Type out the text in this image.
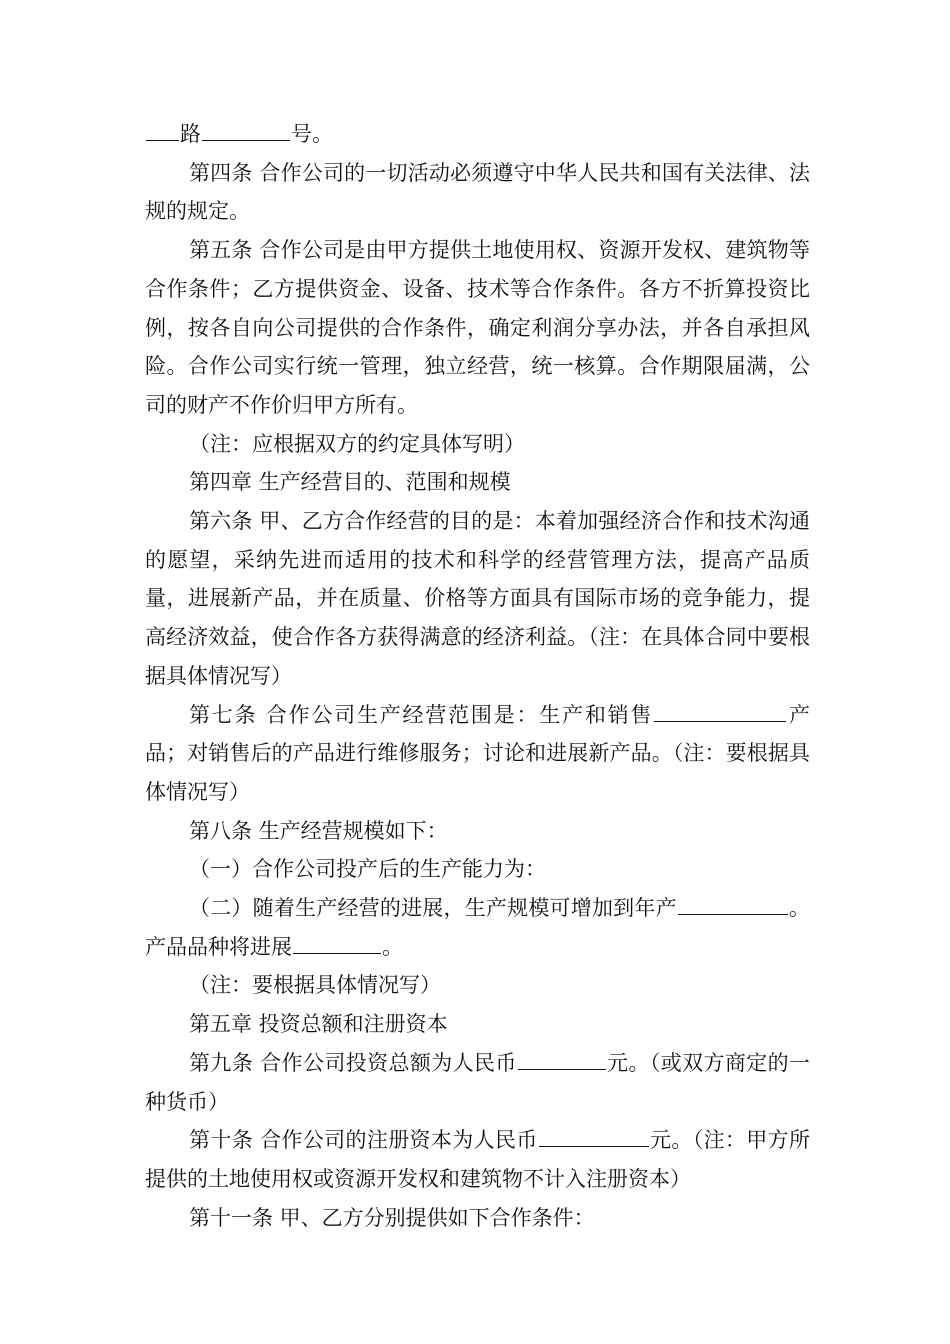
路	号。

第四条 合作公司的一切活动必须遵守中华人民共和国有关法律、法规的规定。

第五条 合作公司是由甲方提供土地使用权、资源开发权、建筑物等合作条件；乙方提供资金、设备、技术等合作条件。各方不折算投资比例，按各自向公司提供的合作条件，确定利润分享办法，并各自承担风险。合作公司实行统一管理，独立经营，统一核算。合作期限届满，公司的财产不作价归甲方所有。

（注：应根据双方的约定具体写明）

第四章 生产经营目的、范围和规模

第六条 甲、乙方合作经营的目的是：本着加强经济合作和技术沟通的愿望，采纳先进而适用的技术和科学的经营管理方法，提高产品质量，进展新产品，并在质量、价格等方面具有国际市场的竞争能力，提高经济效益，使合作各方获得满意的经济利益。（注：在具体合同中要根据具体情况写）

第七条 合作公司生产经营范围是：生产和销售	产品；对销售后的产品进行维修服务；讨论和进展新产品。（注：要根据具体情况写）

第八条 生产经营规模如下：

（一）合作公司投产后的生产能力为：

（二）随着生产经营的进展，生产规模可增加到年产	。产品品种将进展	。

（注：要根据具体情况写）

第五章 投资总额和注册资本

第九条 合作公司投资总额为人民币	元。（或双方商定的一种货币）

第十条 合作公司的注册资本为人民币	元。（注：甲方所提供的土地使用权或资源开发权和建筑物不计入注册资本）

第十一条 甲、乙方分别提供如下合作条件：
